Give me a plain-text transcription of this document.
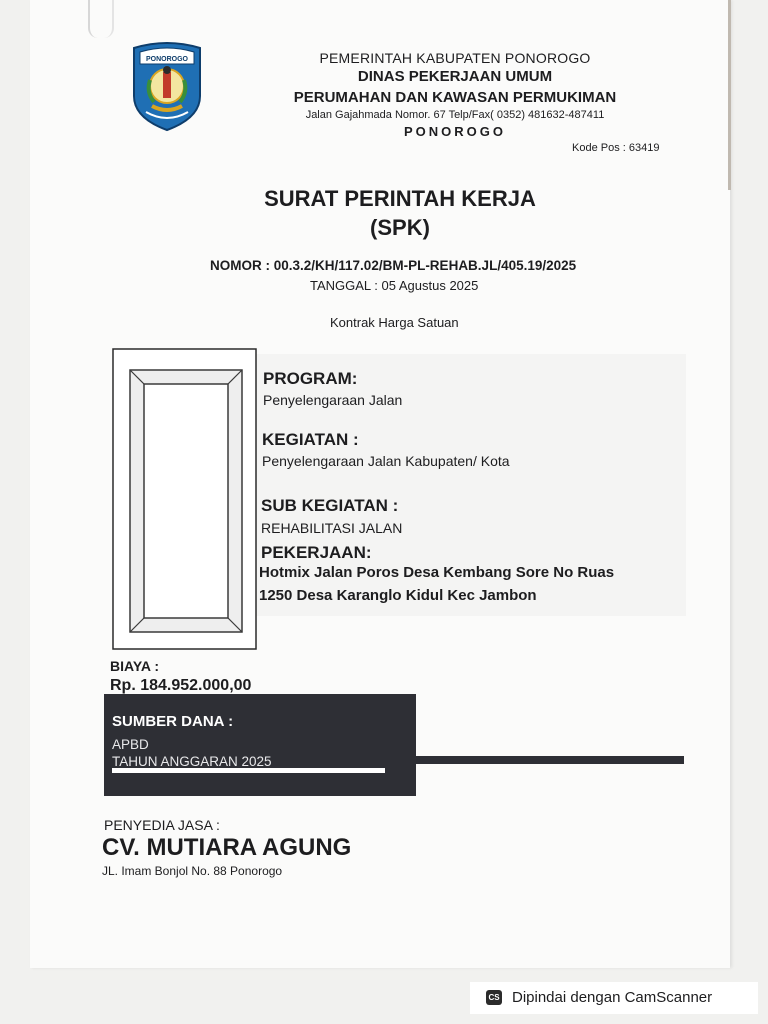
PONOROGO	PEMERINTAH KABUPATEN PONOROGO
DINAS PEKERJAAN UMUM
PERUMAHAN DAN KAWASAN PERMUKIMAN
Jalan Gajahmada Nomor. 67 Telp/Fax( 0352) 481632-487411
PONOROGO
Kode Pos : 63419
SURAT PERINTAH KERJA
(SPK)
NOMOR : 00.3.2/KH/117.02/BM-PL-REHAB.JL/405.19/2025
TANGGAL : 05 Agustus 2025
Kontrak Harga Satuan
PROGRAM:
Penyelengaraan Jalan
KEGIATAN :
Penyelengaraan Jalan Kabupaten/ Kota
SUB KEGIATAN :
REHABILITASI JALAN
PEKERJAAN:
Hotmix Jalan Poros Desa Kembang Sore No Ruas
1250 Desa Karanglo Kidul Kec Jambon
BIAYA :
Rp. 184.952.000,00
SUMBER DANA :
APBD
TAHUN ANGGARAN 2025
PENYEDIA JASA :
CV. MUTIARA AGUNG
JL. Imam Bonjol No. 88 Ponorogo
CS Dipindai dengan CamScanner
